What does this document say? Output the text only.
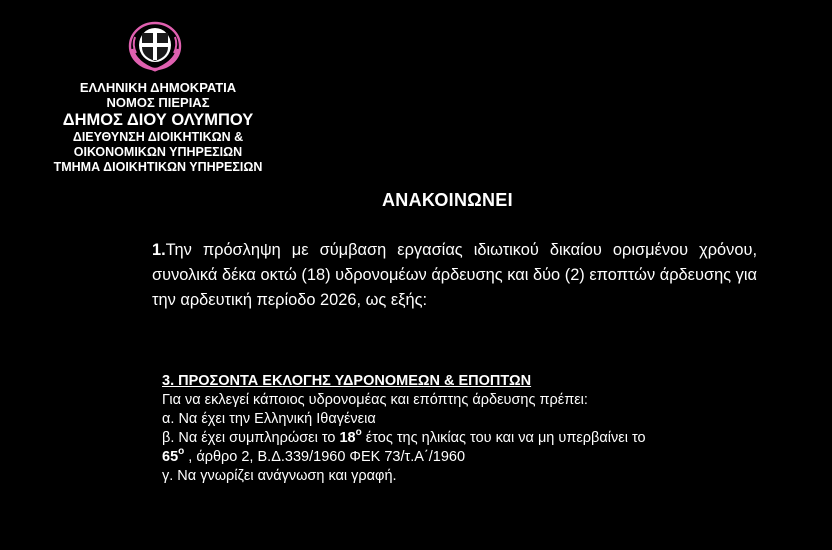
ΕΛΛΗΝΙΚΗ ΔΗΜΟΚΡΑΤΙΑ
ΝΟΜΟΣ ΠΙΕΡΙΑΣ
ΔΗΜΟΣ ΔΙΟΥ ΟΛΥΜΠΟΥ
ΔΙΕΥΘΥΝΣΗ ΔΙΟΙΚΗΤΙΚΩΝ &
ΟΙΚΟΝΟΜΙΚΩΝ ΥΠΗΡΕΣΙΩΝ
ΤΜΗΜΑ ΔΙΟΙΚΗΤΙΚΩΝ ΥΠΗΡΕΣΙΩΝ
ΑΝΑΚΟΙΝΩΝΕΙ
1.Την πρόσληψη με σύμβαση εργασίας ιδιωτικού δικαίου ορισμένου χρόνου, συνολικά δέκα οκτώ (18) υδρονομέων άρδευσης και δύο (2) εποπτών άρδευσης για την αρδευτική περίοδο 2026, ως εξής:
3. ΠΡΟΣΟΝΤΑ ΕΚΛΟΓΗΣ ΥΔΡΟΝΟΜΕΩΝ & ΕΠΟΠΤΩΝ
Για να εκλεγεί κάποιος υδρονομέας και επόπτης άρδευσης πρέπει:
α. Να έχει την Ελληνική Ιθαγένεια
β. Να έχει συμπληρώσει το $18^o$ έτος της ηλικίας του και να μη υπερβαίνει το
$65^o$ , άρθρο 2, Β.Δ.339/1960 ΦΕΚ 73/τ.Α΄/1960
γ. Να γνωρίζει ανάγνωση και γραφή.
